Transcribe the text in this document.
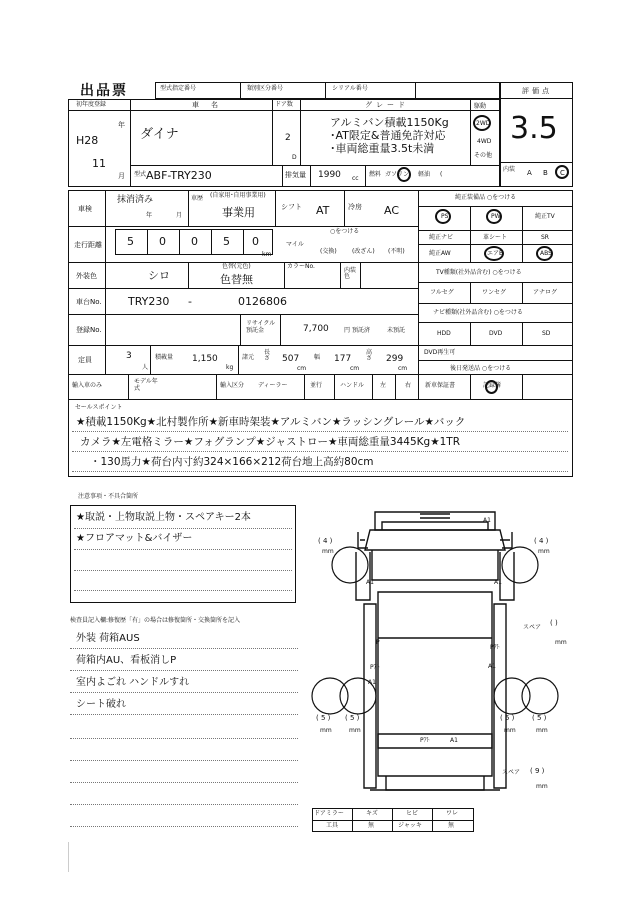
出品票	型式指定番号	類別区分番号	シリアル番号	評価点
3.5
内装 A B C
初年度登録
H28
年
11
月
車名
ダイナ
ドア数
2
D
グレード
アルミバン積載1150Kg
･AT限定&普通免許対応
･車両総重量3.5t未満
駆動
2WD
4WD
その他
型式 ABF-TRY230	排気量 1990 cc
燃料 ガソリン 軽油 (
車検
抹消済み
年	月
車歴 (自家用･自用事業用)
事業用	シフト AT	冷房 AC
走行距離 5 0 0 5 0
km
○をつける
マイル
(交換)	(改ざん) (不明)
外装色	シロ
色替(元色)
色替無
カラーNo.
内装色
車台No. TRY230 -	0126806
登録No.
リサイクル預託金	7,700	円 預託済	未預託
定員	3
人
積載量 1,150
kg
諸元
長さ 507
cm
幅 177
cm
高さ 299
cm
輸入車のみ
モデル年式	輸入区分 ディーラー	並行	ハンドル	左	右
純正装備品 ○をつける
PS	PW	純正TV
純正ナビ	革シート	SR
純正AW	エアB	ABS
TV種類(社外品含む) ○をつける
フルセグ	ワンセグ	アナログ
ナビ種類(社外品含む) ○をつける
HDD	DVD	SD
DVD再生可
後日発送品 ○をつける
新車保証書	記録簿
セールスポイント
★積載1150Kg★北村製作所★新車時架装★アルミバン★ラッシングレール★バック
カメラ★左電格ミラー★フォグランプ★ジャストロー★車両総重量3445Kg★1TR
・130馬力★荷台内寸約324×166×212荷台地上高約80cm
注意事項・不具合箇所
★取説・上物取説上物・スペアキー2本
★フロアマット&バイザー
検査員記入欄:修復歴「有」の場合は修復箇所・交換箇所を記入
外装 荷箱AUS
荷箱内AU、看板消しP
室内よごれ ハンドルすれ
シート破れ
A1
A1	A1
P
Pｱﾄ
A1
Pｱﾄ
A1
Pｱﾄ	A1
( 4 )
mm
( 4 )
mm
( 5 )
mm
( 5 )
mm
( 5 )
mm
( 5 )
mm
スペア
( )
mm
スペア ( 9 )
mm
ドアミラー	キズ	ヒビ	ワレ
工具	無	ジャッキ	無
